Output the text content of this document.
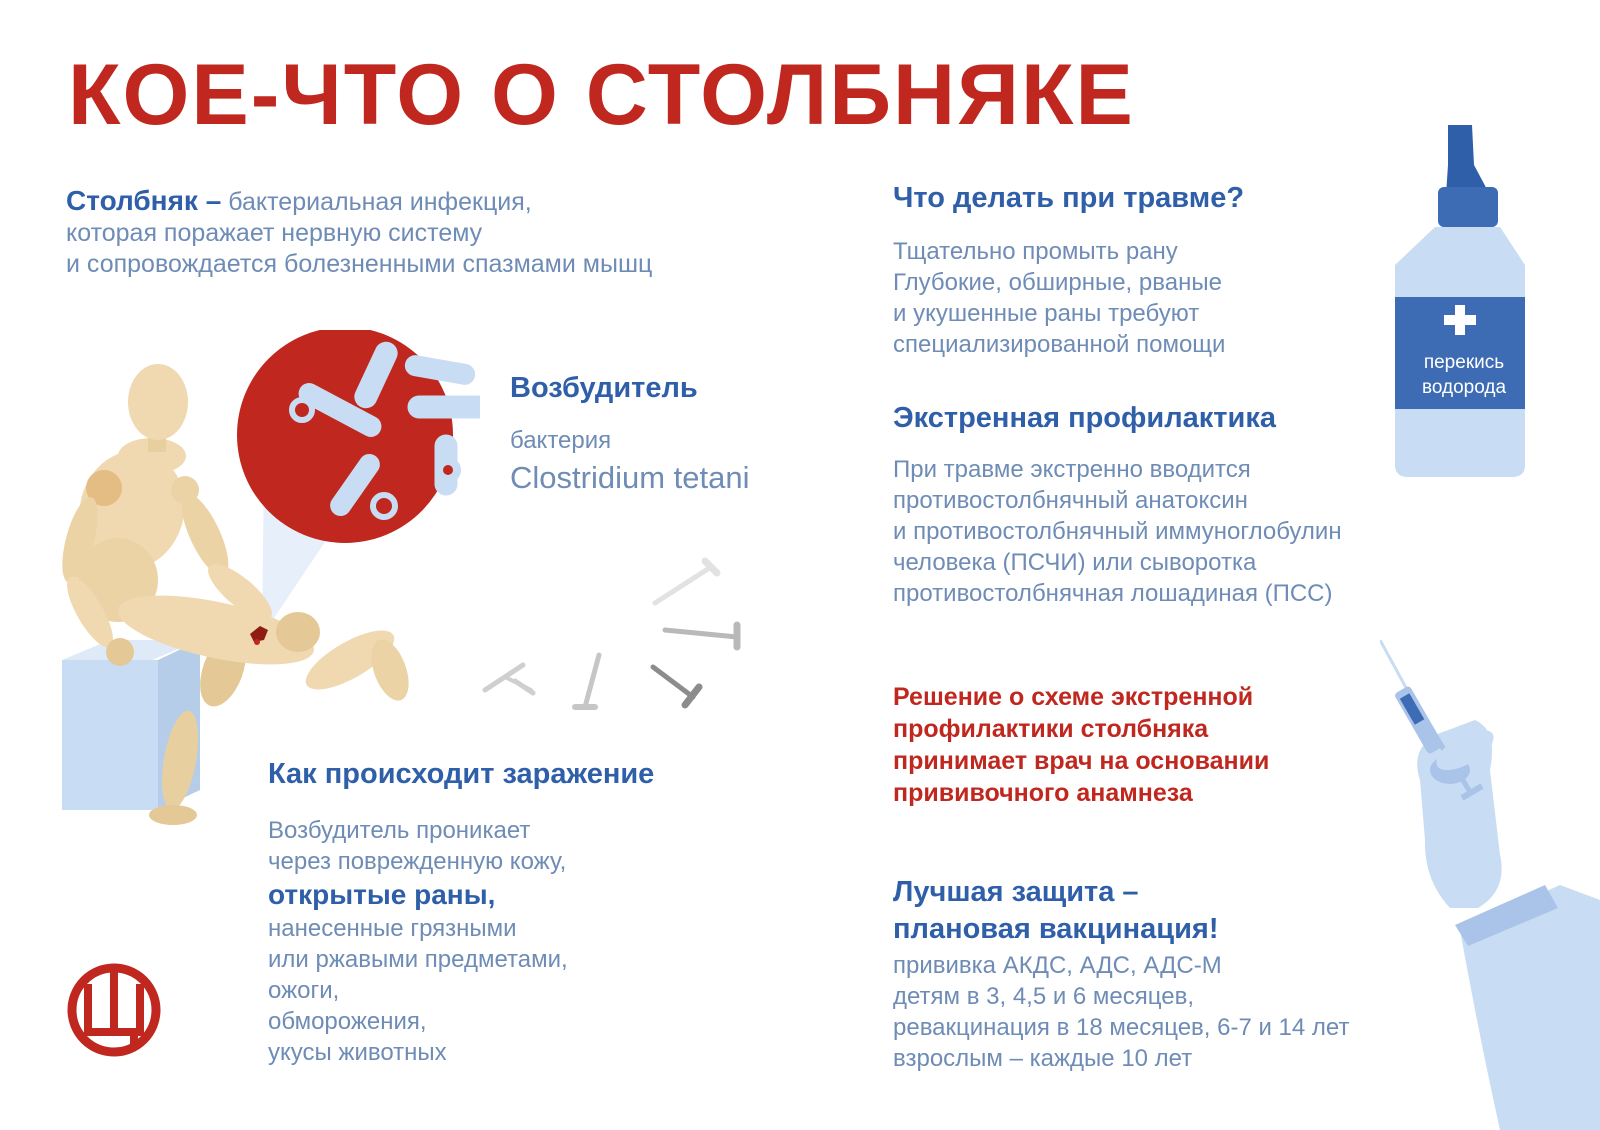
КОЕ-ЧТО О СТОЛБНЯКЕ
Столбняк – бактериальная инфекция,
которая поражает нервную систему
и сопровождается болезненными спазмами мышц
Возбудитель
бактерия
Clostridium tetani
Как происходит заражение
Возбудитель проникает
через поврежденную кожу,
открытые раны,
нанесенные грязными
или ржавыми предметами,
ожоги,
обморожения,
укусы животных
Что делать при травме?
Тщательно промыть рану
Глубокие, обширные, рваные
и укушенные раны требуют
специализированной помощи
Экстренная профилактика
При травме экстренно вводится
противостолбнячный анатоксин
и противостолбнячный иммуноглобулин
человека (ПСЧИ) или сыворотка
противостолбнячная лошадиная (ПСС)
Решение о схеме экстренной
профилактики столбняка
принимает врач на основании
прививочного анамнеза
Лучшая защита –
плановая вакцинация!
прививка АКДС, АДС, АДС-М
детям в 3, 4,5 и 6 месяцев,
ревакцинация в 18 месяцев, 6-7 и 14 лет
взрослым – каждые 10 лет
перекись
водорода
